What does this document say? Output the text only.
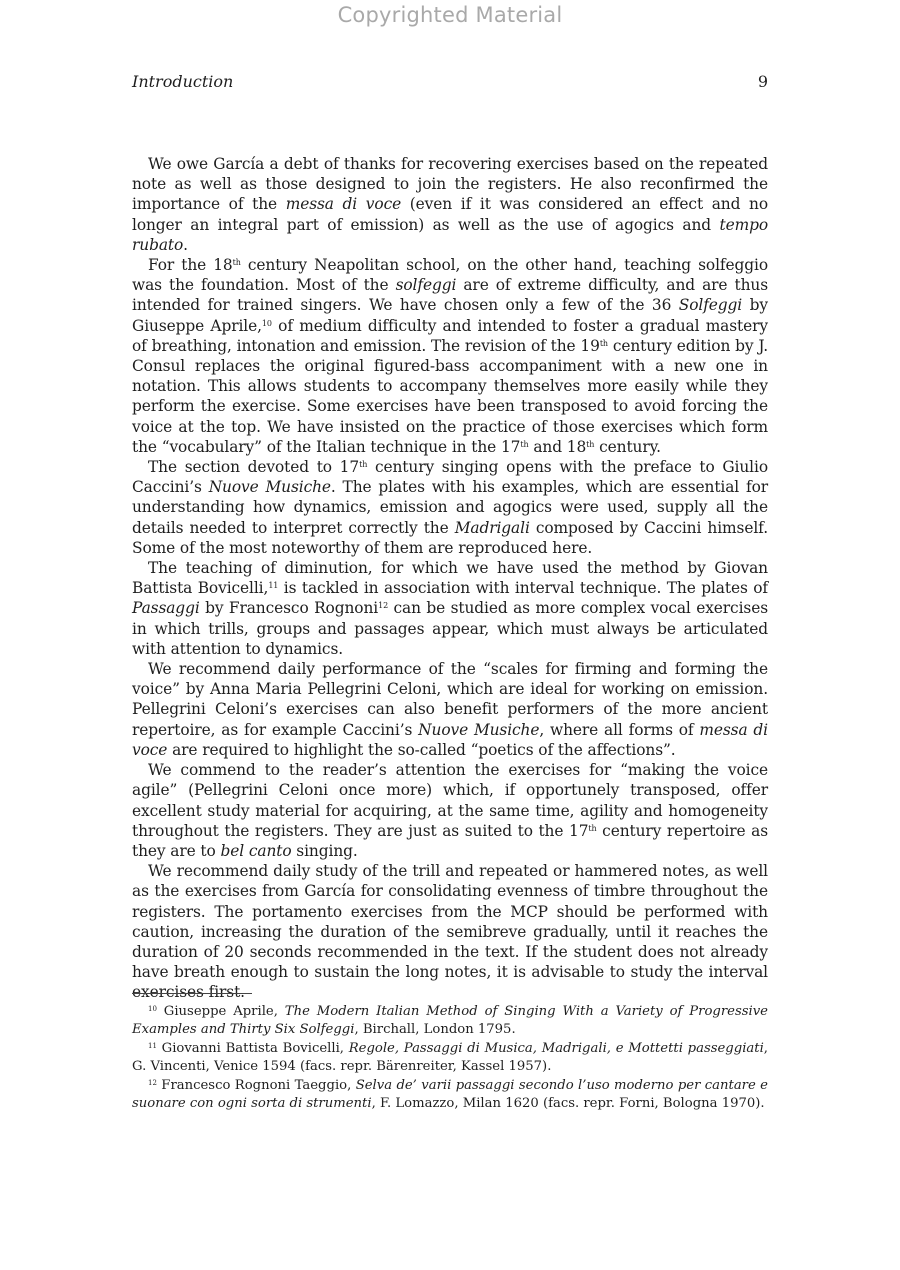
Copyrighted Material
Introduction	9

We owe García a debt of thanks for recovering exercises based on the repeated note as well as those designed to join the registers. He also reconfirmed the importance of the messa di voce (even if it was considered an effect and no longer an integral part of emission) as well as the use of agogics and tempo rubato.

For the 18th century Neapolitan school, on the other hand, teaching solfeggio was the foundation. Most of the solfeggi are of extreme difficulty, and are thus intended for trained singers. We have chosen only a few of the 36 Solfeggi by Giuseppe Aprile,$^{10}$ of medium difficulty and intended to foster a gradual mastery of breathing, intonation and emission. The revision of the 19th century edition by J. Consul replaces the original figured-bass accompaniment with a new one in notation. This allows students to accompany themselves more easily while they perform the exercise. Some exercises have been transposed to avoid forcing the voice at the top. We have insisted on the practice of those exercises which form the “vocabulary” of the Italian technique in the 17th and 18th century.

The section devoted to 17th century singing opens with the preface to Giulio Caccini’s Nuove Musiche. The plates with his examples, which are essential for understanding how dynamics, emission and agogics were used, supply all the details needed to interpret correctly the Madrigali composed by Caccini himself. Some of the most noteworthy of them are reproduced here.

The teaching of diminution, for which we have used the method by Giovan Battista Bovicelli,$^{11}$ is tackled in association with interval technique. The plates of Passaggi by Francesco Rognoni$^{12}$ can be studied as more complex vocal exercises in which trills, groups and passages appear, which must always be articulated with attention to dynamics.

We recommend daily performance of the “scales for firming and forming the voice” by Anna Maria Pellegrini Celoni, which are ideal for working on emission. Pellegrini Celoni’s exercises can also benefit performers of the more ancient repertoire, as for example Caccini’s Nuove Musiche, where all forms of messa di voce are required to highlight the so-called “poetics of the affections”.

We commend to the reader’s attention the exercises for “making the voice agile” (Pellegrini Celoni once more) which, if opportunely transposed, offer excellent study material for acquiring, at the same time, agility and homogeneity throughout the registers. They are just as suited to the 17th century repertoire as they are to bel canto singing.

We recommend daily study of the trill and repeated or hammered notes, as well as the exercises from García for consolidating evenness of timbre throughout the registers. The portamento exercises from the MCP should be performed with caution, increasing the duration of the semibreve gradually, until it reaches the duration of 20 seconds recommended in the text. If the student does not already have breath enough to sustain the long notes, it is advisable to study the interval exercises first.

$^{10}$ Giuseppe Aprile, The Modern Italian Method of Singing With a Variety of Progressive Examples and Thirty Six Solfeggi, Birchall, London 1795.

$^{11}$ Giovanni Battista Bovicelli, Regole, Passaggi di Musica, Madrigali, e Mottetti passeggiati, G. Vincenti, Venice 1594 (facs. repr. Bärenreiter, Kassel 1957).

$^{12}$ Francesco Rognoni Taeggio, Selva de’ varii passaggi secondo l’uso moderno per cantare e suonare con ogni sorta di strumenti, F. Lomazzo, Milan 1620 (facs. repr. Forni, Bologna 1970).
